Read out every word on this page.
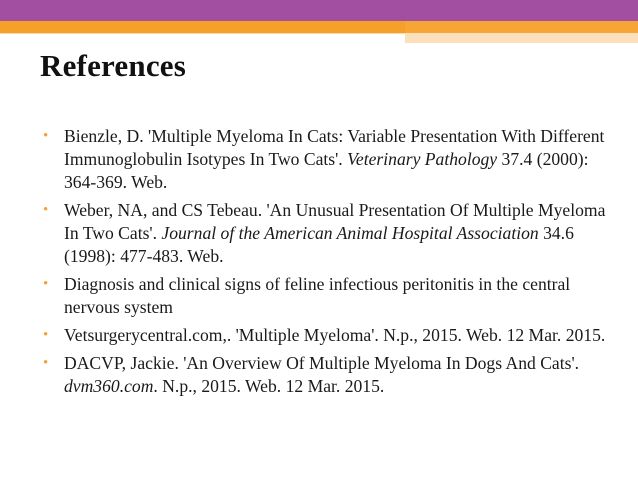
References
• Bienzle, D. 'Multiple Myeloma In Cats: Variable Presentation With Different Immunoglobulin Isotypes In Two Cats'. Veterinary Pathology 37.4 (2000): 364-369. Web.
• Weber, NA, and CS Tebeau. 'An Unusual Presentation Of Multiple Myeloma In Two Cats'. Journal of the American Animal Hospital Association 34.6 (1998): 477-483. Web.
• Diagnosis and clinical signs of feline infectious peritonitis in the central nervous system
• Vetsurgerycentral.com,. 'Multiple Myeloma'. N.p., 2015. Web. 12 Mar. 2015.
• DACVP, Jackie. 'An Overview Of Multiple Myeloma In Dogs And Cats'. dvm360.com. N.p., 2015. Web. 12 Mar. 2015.
